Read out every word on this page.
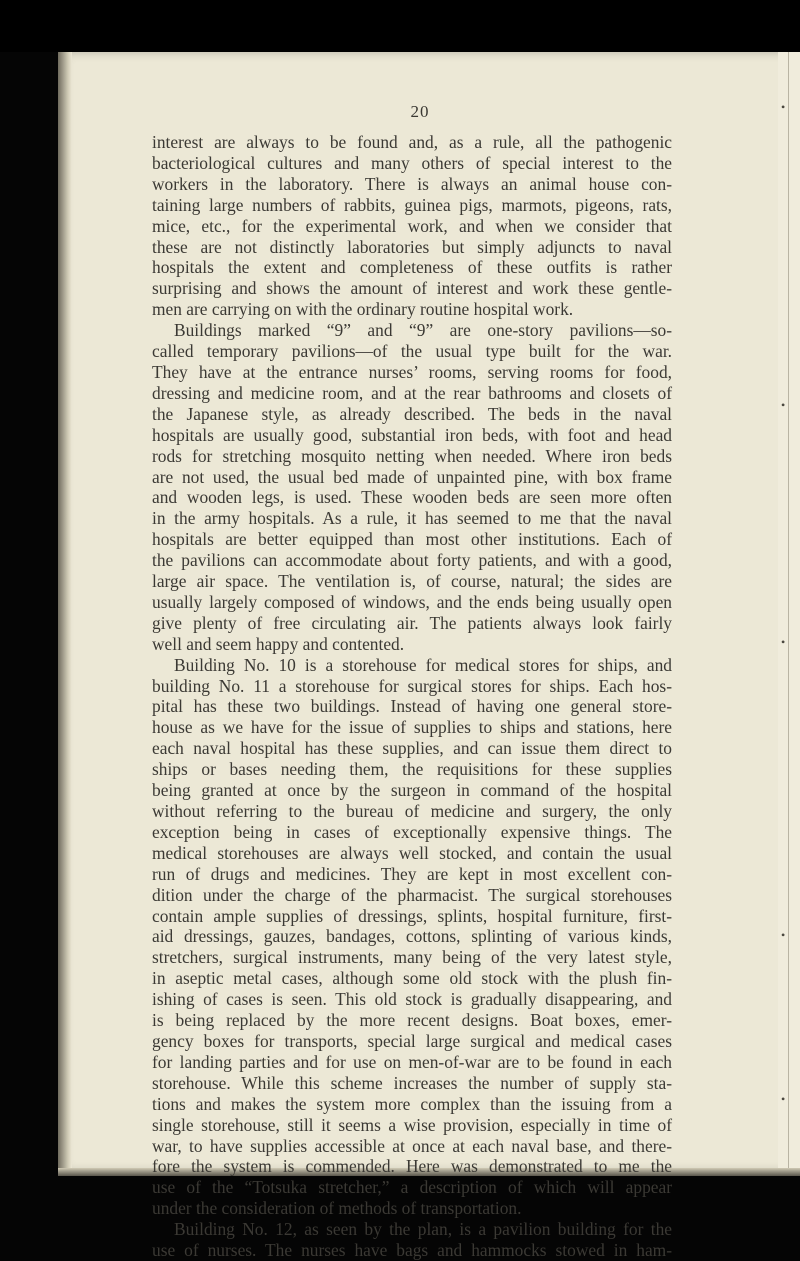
•
•
•
•
•
20
interest are always to be found and, as a rule, all the pathogenic
bacteriological cultures and many others of special interest to the
workers in the laboratory. There is always an animal house con-
taining large numbers of rabbits, guinea pigs, marmots, pigeons, rats,
mice, etc., for the experimental work, and when we consider that
these are not distinctly laboratories but simply adjuncts to naval
hospitals the extent and completeness of these outfits is rather
surprising and shows the amount of interest and work these gentle-
men are carrying on with the ordinary routine hospital work.
Buildings marked “9” and “9” are one-story pavilions—so-
called temporary pavilions—of the usual type built for the war.
They have at the entrance nurses’ rooms, serving rooms for food,
dressing and medicine room, and at the rear bathrooms and closets of
the Japanese style, as already described. The beds in the naval
hospitals are usually good, substantial iron beds, with foot and head
rods for stretching mosquito netting when needed. Where iron beds
are not used, the usual bed made of unpainted pine, with box frame
and wooden legs, is used. These wooden beds are seen more often
in the army hospitals. As a rule, it has seemed to me that the naval
hospitals are better equipped than most other institutions. Each of
the pavilions can accommodate about forty patients, and with a good,
large air space. The ventilation is, of course, natural; the sides are
usually largely composed of windows, and the ends being usually open
give plenty of free circulating air. The patients always look fairly
well and seem happy and contented.
Building No. 10 is a storehouse for medical stores for ships, and
building No. 11 a storehouse for surgical stores for ships. Each hos-
pital has these two buildings. Instead of having one general store-
house as we have for the issue of supplies to ships and stations, here
each naval hospital has these supplies, and can issue them direct to
ships or bases needing them, the requisitions for these supplies
being granted at once by the surgeon in command of the hospital
without referring to the bureau of medicine and surgery, the only
exception being in cases of exceptionally expensive things. The
medical storehouses are always well stocked, and contain the usual
run of drugs and medicines. They are kept in most excellent con-
dition under the charge of the pharmacist. The surgical storehouses
contain ample supplies of dressings, splints, hospital furniture, first-
aid dressings, gauzes, bandages, cottons, splinting of various kinds,
stretchers, surgical instruments, many being of the very latest style,
in aseptic metal cases, although some old stock with the plush fin-
ishing of cases is seen. This old stock is gradually disappearing, and
is being replaced by the more recent designs. Boat boxes, emer-
gency boxes for transports, special large surgical and medical cases
for landing parties and for use on men-of-war are to be found in each
storehouse. While this scheme increases the number of supply sta-
tions and makes the system more complex than the issuing from a
single storehouse, still it seems a wise provision, especially in time of
war, to have supplies accessible at once at each naval base, and there-
fore the system is commended. Here was demonstrated to me the
use of the “Totsuka stretcher,” a description of which will appear
under the consideration of methods of transportation.
Building No. 12, as seen by the plan, is a pavilion building for the
use of nurses. The nurses have bags and hammocks stowed in ham-
